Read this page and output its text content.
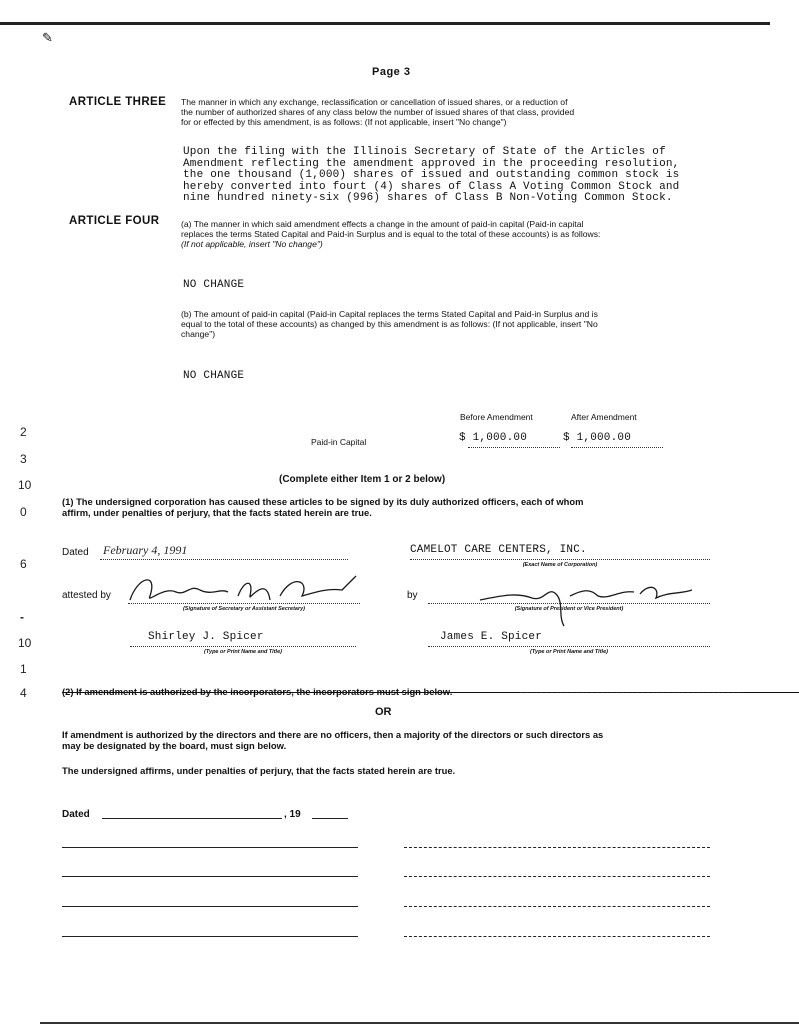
✎
Page 3
ARTICLE THREE The manner in which any exchange, reclassification or cancellation of issued shares, or a reduction of
the number of authorized shares of any class below the number of issued shares of that class, provided
for or effected by this amendment, is as follows: (If not applicable, insert "No change")
Upon the filing with the Illinois Secretary of State of the Articles of
Amendment reflecting the amendment approved in the proceeding resolution,
the one thousand (1,000) shares of issued and outstanding common stock is
hereby converted into fourt (4) shares of Class A Voting Common Stock and
nine hundred ninety-six (996) shares of Class B Non-Voting Common Stock.
ARTICLE FOUR	(a) The manner in which said amendment effects a change in the amount of paid-in capital (Paid-in capital
replaces the terms Stated Capital and Paid-in Surplus and is equal to the total of these accounts) is as follows:
(If not applicable, insert "No change")
NO CHANGE
(b) The amount of paid-in capital (Paid-in Capital replaces the terms Stated Capital and Paid-in Surplus and is
equal to the total of these accounts) as changed by this amendment is as follows: (If not applicable, insert "No
change")
NO CHANGE
Before Amendment	After Amendment
Paid-in Capital	$ 1,000.00	$ 1,000.00
(Complete either Item 1 or 2 below)
(1) The undersigned corporation has caused these articles to be signed by its duly authorized officers, each of whom
affirm, under penalties of perjury, that the facts stated herein are true.
Dated February 4, 1991	CAMELOT CARE CENTERS, INC.
(Exact Name of Corporation)
attested by
(Signature of Secretary or Assistant Secretary)
by
(Signature of President or Vice President)
Shirley J. Spicer
(Type or Print Name and Title)
James E. Spicer
(Type or Print Name and Title)
(2) If amendment is authorized by the incorporators, the incorporators must sign below.
OR
If amendment is authorized by the directors and there are no officers, then a majority of the directors or such directors as
may be designated by the board, must sign below.
The undersigned affirms, under penalties of perjury, that the facts stated herein are true.
Dated	, 19
2
3
10
0
6
-
10
1
4
